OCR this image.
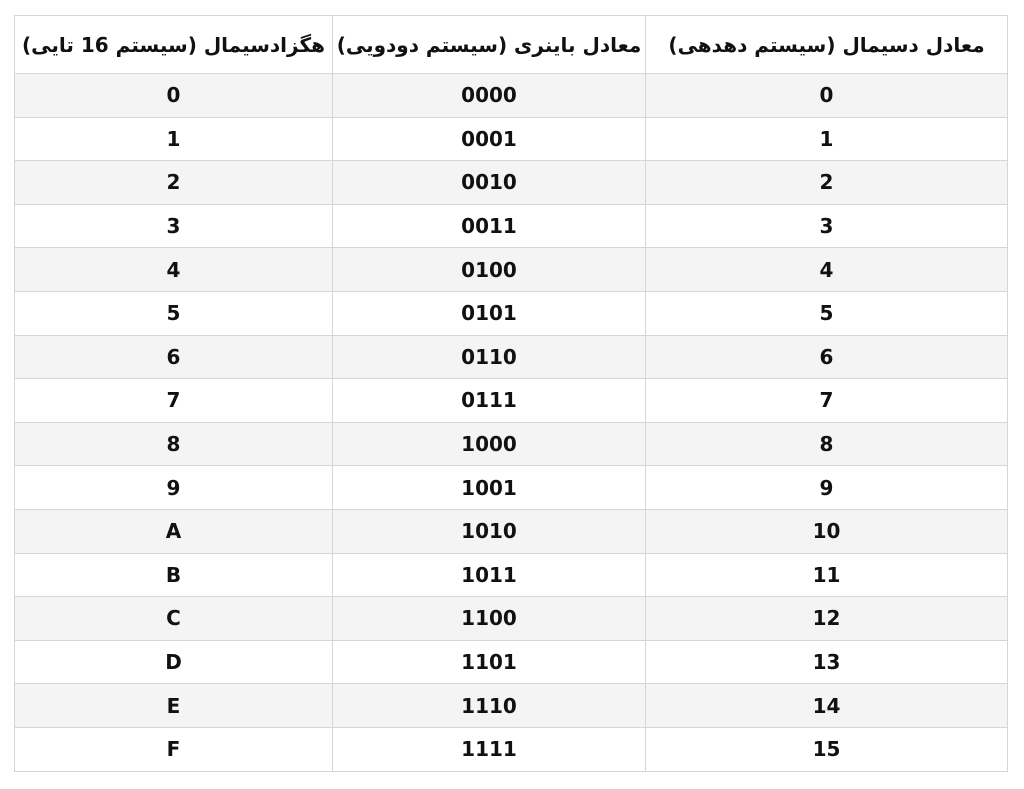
معادل دسیمال (سیستم دهدهی)	معادل باینری (سیستم دودویی)	هگزادسیمال (سیستم 16 تایی)
0	0000	0
1	0001	1
2	0010	2
3	0011	3
4	0100	4
5	0101	5
6	0110	6
7	0111	7
8	1000	8
9	1001	9
10	1010	A
11	1011	B
12	1100	C
13	1101	D
14	1110	E
15	1111	F
